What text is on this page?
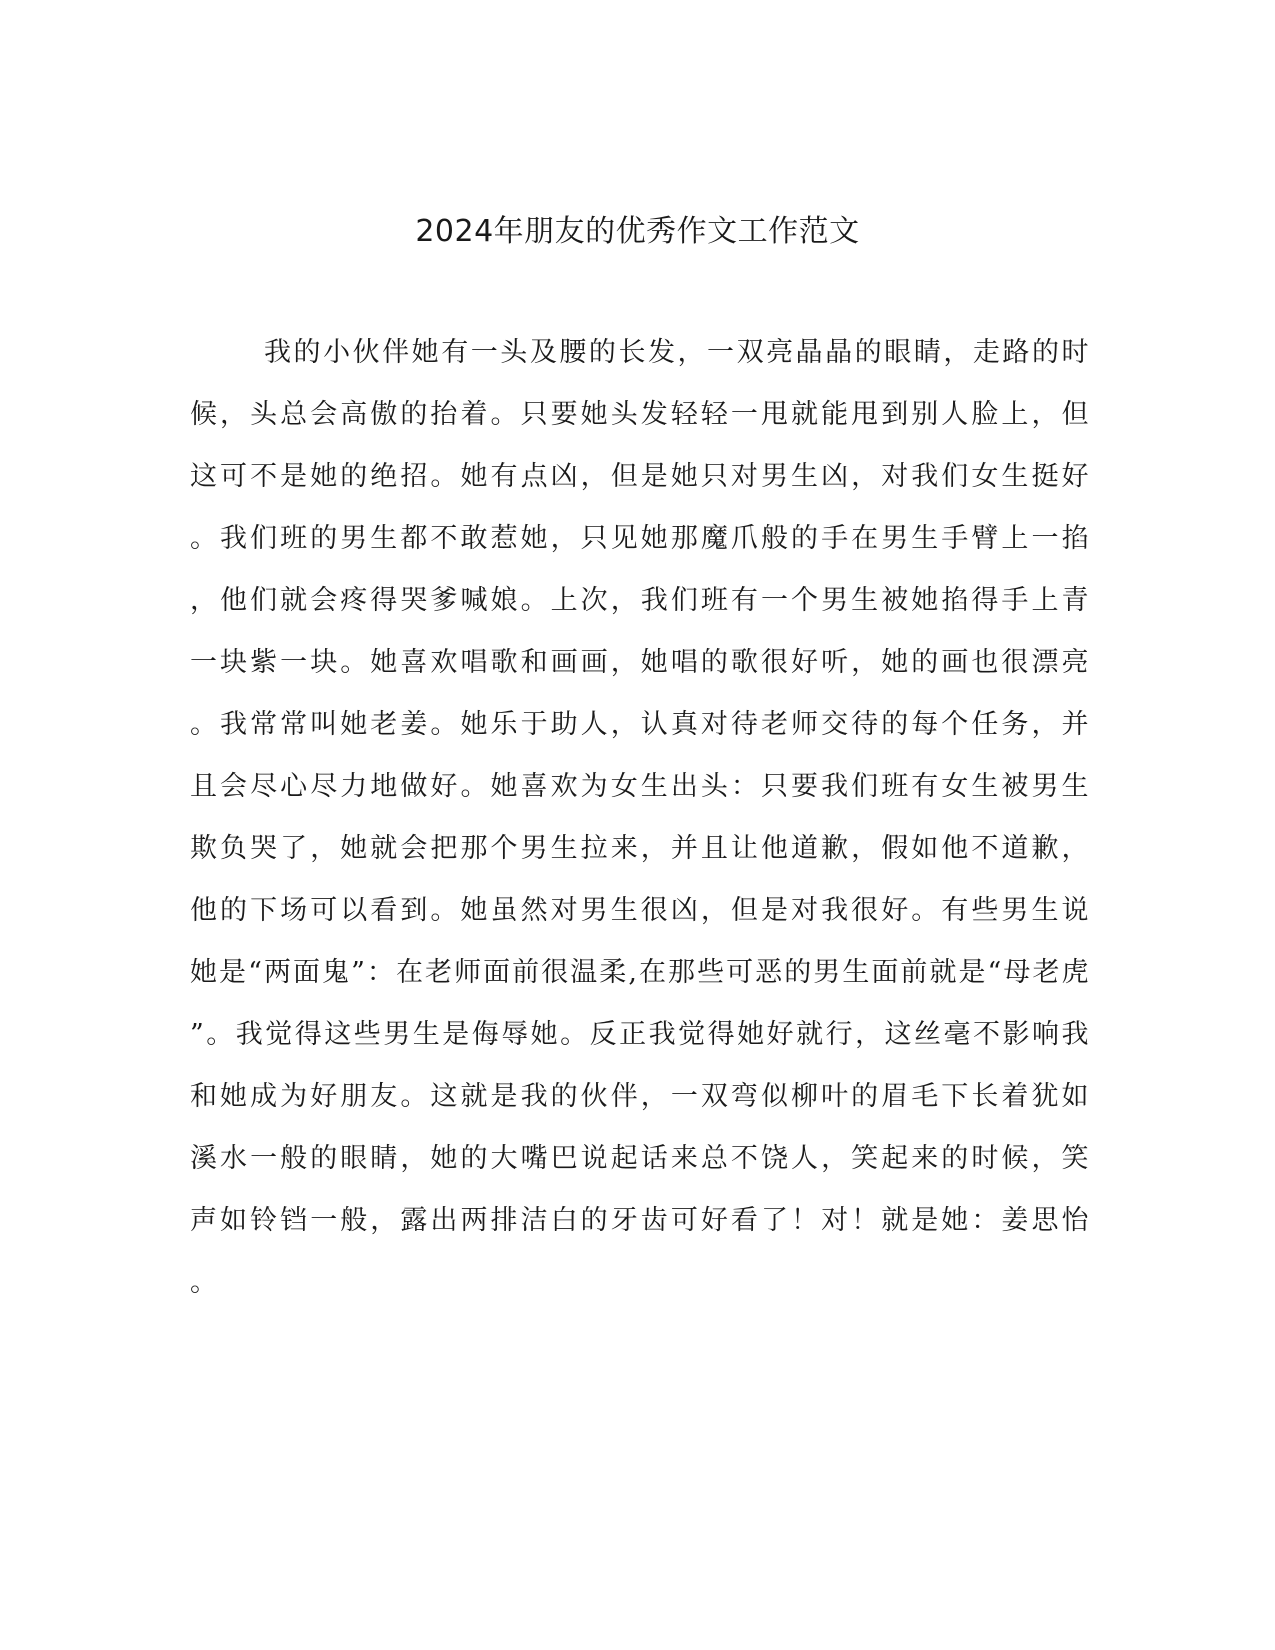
2024年朋友的优秀作文工作范文
我的小伙伴她有一头及腰的长发，一双亮晶晶的眼睛，走路的时
候，头总会高傲的抬着。只要她头发轻轻一甩就能甩到别人脸上，但
这可不是她的绝招。她有点凶，但是她只对男生凶，对我们女生挺好
。我们班的男生都不敢惹她，只见她那魔爪般的手在男生手臂上一掐
，他们就会疼得哭爹喊娘。上次，我们班有一个男生被她掐得手上青
一块紫一块。她喜欢唱歌和画画，她唱的歌很好听，她的画也很漂亮
。我常常叫她老姜。她乐于助人，认真对待老师交待的每个任务，并
且会尽心尽力地做好。她喜欢为女生出头：只要我们班有女生被男生
欺负哭了，她就会把那个男生拉来，并且让他道歉，假如他不道歉，
他的下场可以看到。她虽然对男生很凶，但是对我很好。有些男生说
她是“两面鬼”：在老师面前很温柔,在那些可恶的男生面前就是“母老虎
”。我觉得这些男生是侮辱她。反正我觉得她好就行，这丝毫不影响我
和她成为好朋友。这就是我的伙伴，一双弯似柳叶的眉毛下长着犹如
溪水一般的眼睛，她的大嘴巴说起话来总不饶人，笑起来的时候，笑
声如铃铛一般，露出两排洁白的牙齿可好看了！对！就是她：姜思怡
。
